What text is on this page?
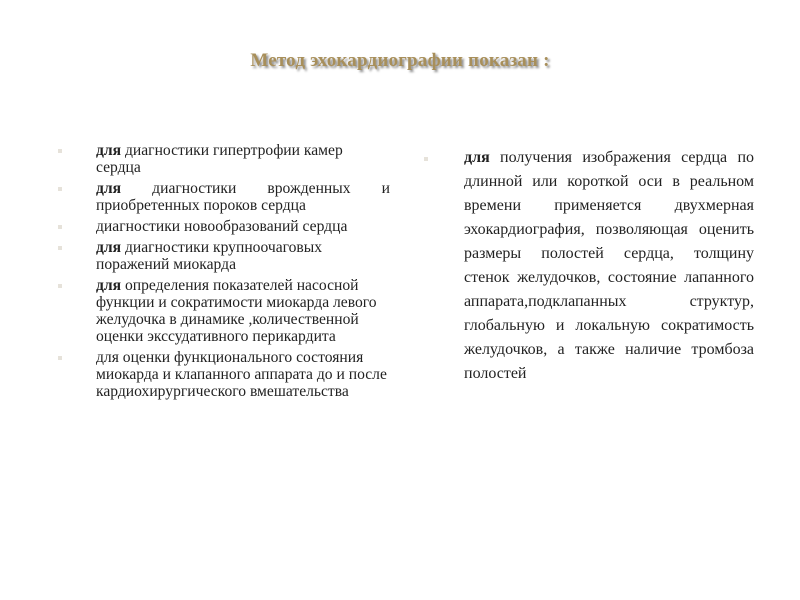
Метод эхокардиографии показан :
для диагностики гипертрофии камер сердца
для диагностики врожденных и приобретенных пороков сердца
диагностики новообразований сердца
для диагностики крупноочаговых поражений миокарда
для определения показателей насосной функции и сократимости миокарда левого желудочка в динамике ,количественной оценки экссудативного перикардита
для оценки функционального состояния миокарда и клапанного аппарата до и после кардиохирургического вмешательства
для получения изображения сердца по длинной или короткой оси в реальном времени применяется двухмерная эхокардиография, позволяющая оценить размеры полостей сердца, толщину стенок желудочков, состояние лапанного аппарата,подклапанных структур, глобальную и локальную сократимость желудочков, а также наличие тромбоза полостей
